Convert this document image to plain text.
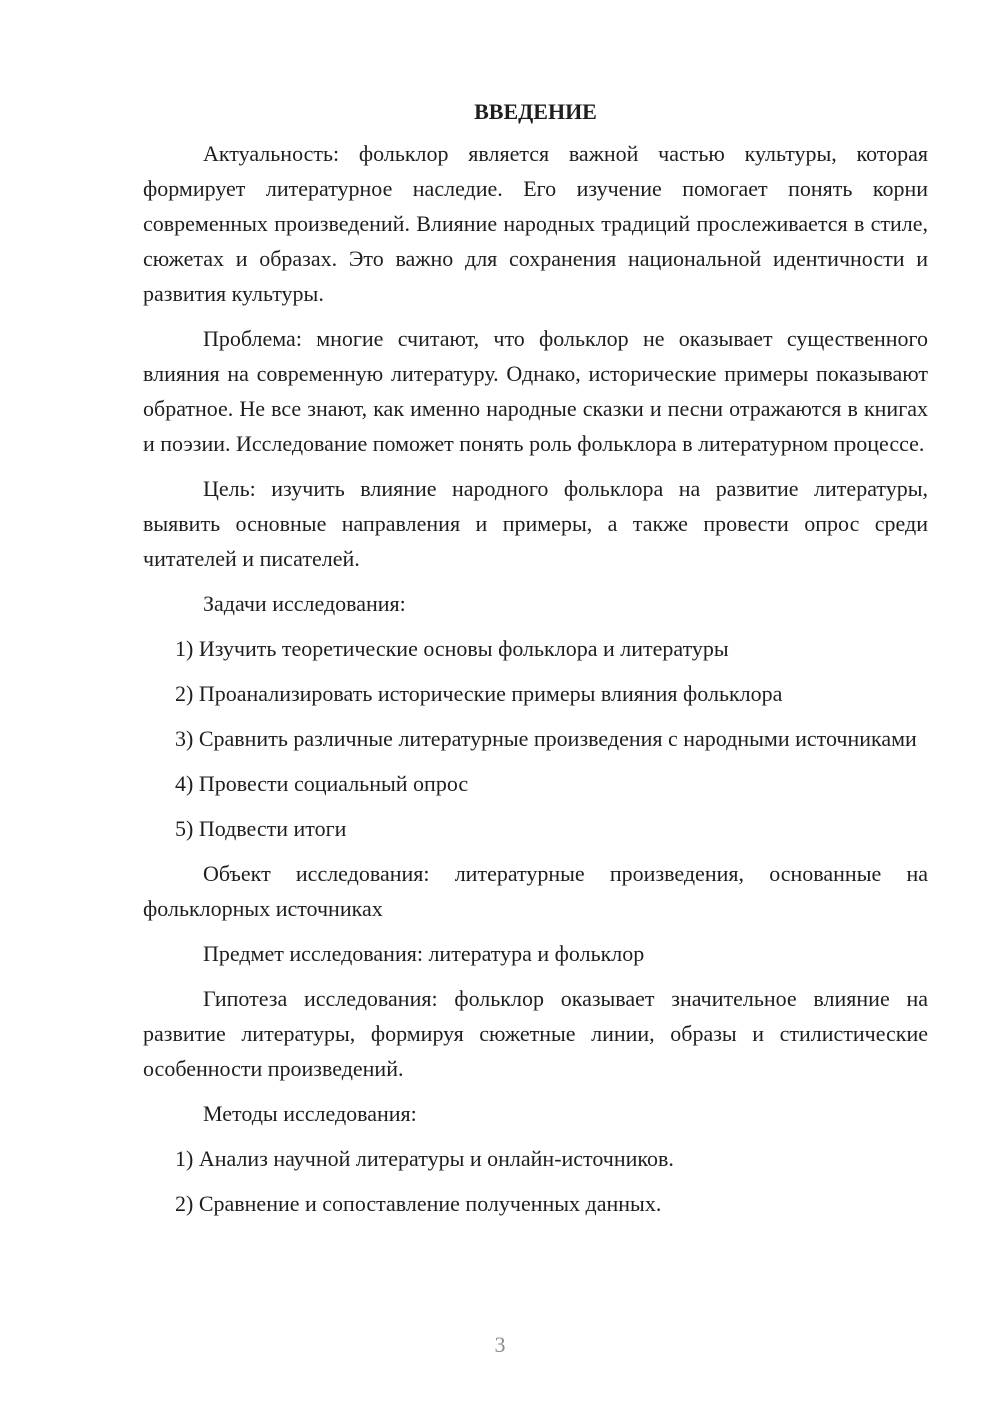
ВВЕДЕНИЕ

Актуальность: фольклор является важной частью культуры, которая формирует литературное наследие. Его изучение помогает понять корни современных произведений. Влияние народных традиций прослеживается в стиле, сюжетах и образах. Это важно для сохранения национальной идентичности и развития культуры.

Проблема: многие считают, что фольклор не оказывает существенного влияния на современную литературу. Однако, исторические примеры показывают обратное. Не все знают, как именно народные сказки и песни отражаются в книгах и поэзии. Исследование поможет понять роль фольклора в литературном процессе.

Цель: изучить влияние народного фольклора на развитие литературы, выявить основные направления и примеры, а также провести опрос среди читателей и писателей.

Задачи исследования:

1) Изучить теоретические основы фольклора и литературы

2) Проанализировать исторические примеры влияния фольклора

3) Сравнить различные литературные произведения с народными источниками

4) Провести социальный опрос

5) Подвести итоги

Объект исследования: литературные произведения, основанные на фольклорных источниках

Предмет исследования: литература и фольклор

Гипотеза исследования: фольклор оказывает значительное влияние на развитие литературы, формируя сюжетные линии, образы и стилистические особенности произведений.

Методы исследования:

1) Анализ научной литературы и онлайн-источников.

2) Сравнение и сопоставление полученных данных.

3
